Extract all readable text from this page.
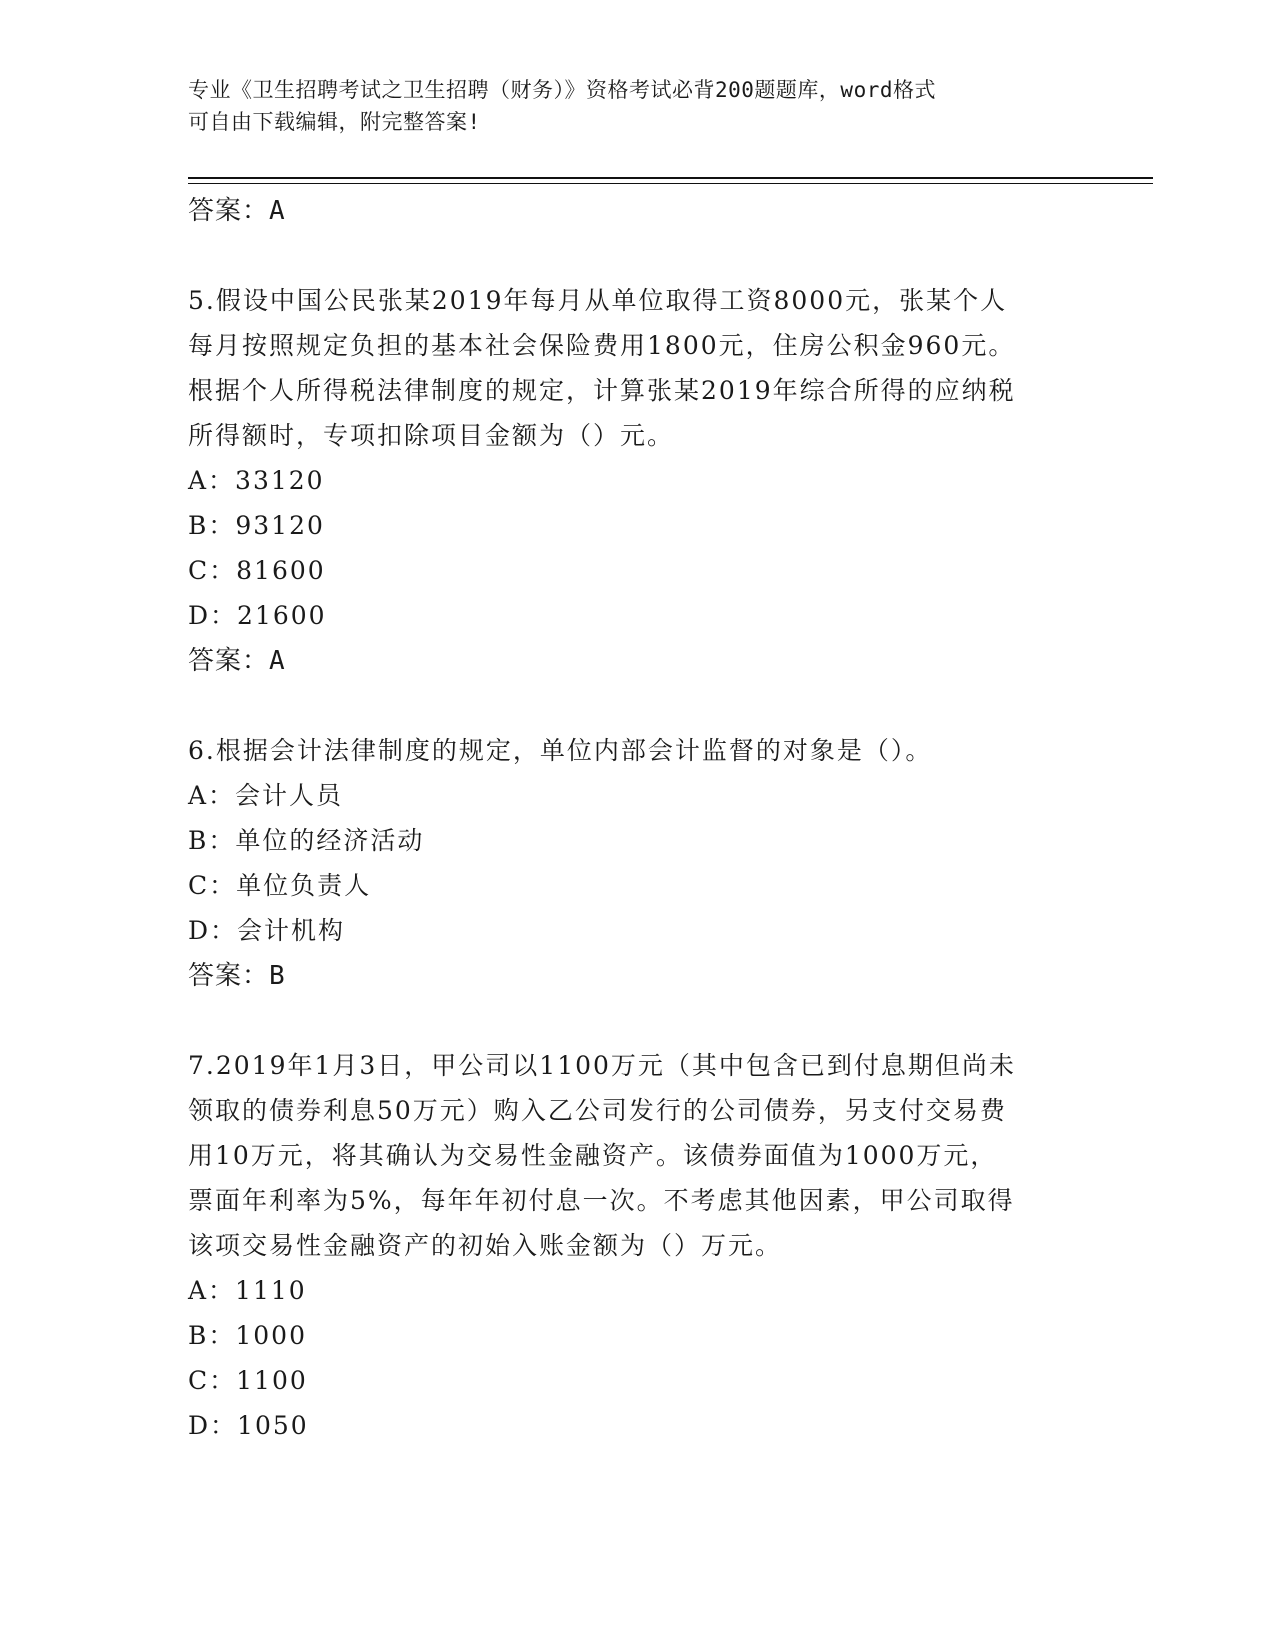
专业《卫生招聘考试之卫生招聘（财务）》资格考试必背200题题库，word格式
可自由下载编辑，附完整答案!
答案：A
5.假设中国公民张某2019年每月从单位取得工资8000元，张某个人
每月按照规定负担的基本社会保险费用1800元，住房公积金960元。
根据个人所得税法律制度的规定，计算张某2019年综合所得的应纳税
所得额时，专项扣除项目金额为（）元。
A：33120
B：93120
C：81600
D：21600
答案：A
6.根据会计法律制度的规定，单位内部会计监督的对象是（）。
A：会计人员
B：单位的经济活动
C：单位负责人
D：会计机构
答案：B
7.2019年1月3日，甲公司以1100万元（其中包含已到付息期但尚未
领取的债券利息50万元）购入乙公司发行的公司债券，另支付交易费
用10万元，将其确认为交易性金融资产。该债券面值为1000万元，
票面年利率为5%，每年年初付息一次。不考虑其他因素，甲公司取得
该项交易性金融资产的初始入账金额为（）万元。
A：1110
B：1000
C：1100
D：1050
